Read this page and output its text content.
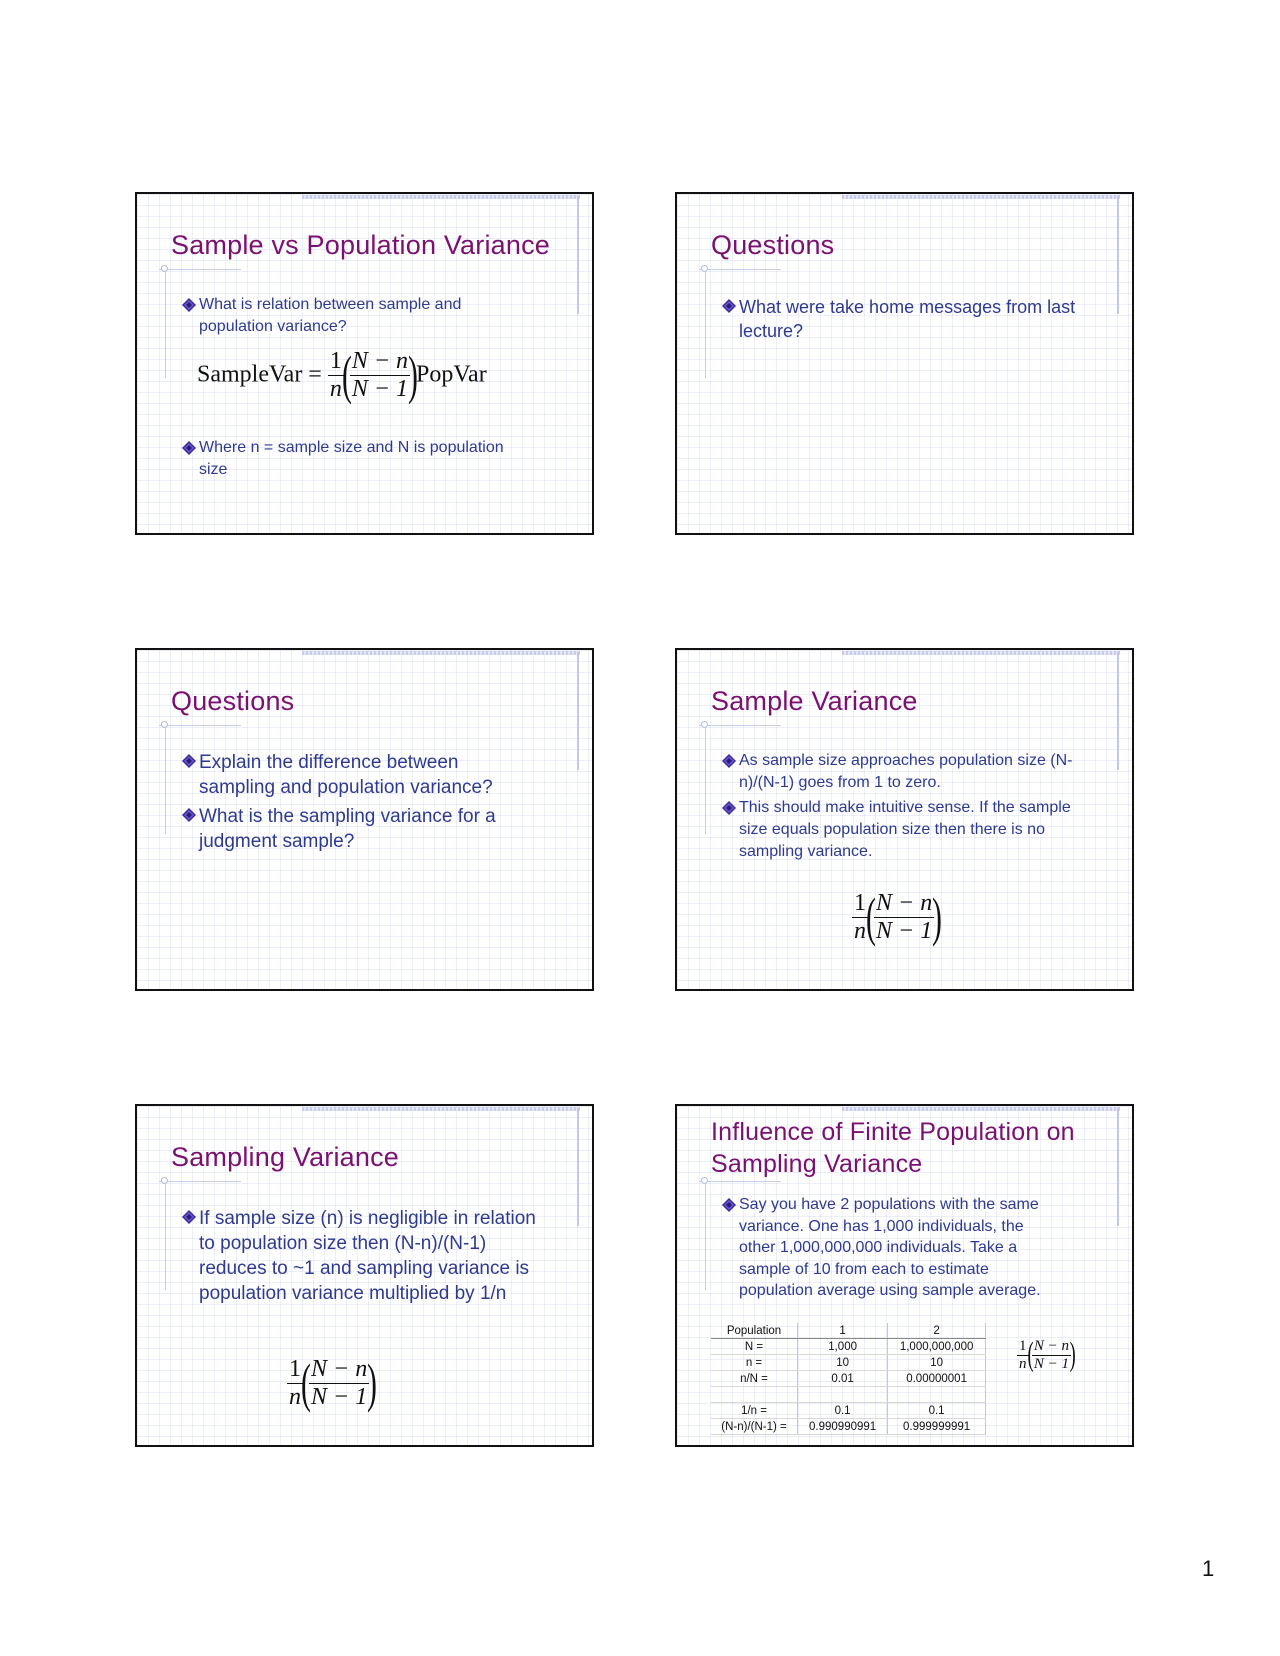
Sample vs Population Variance
What is relation between sample and population variance?
SampleVar = $\frac{1}{n}$
(
$\frac{N - n}{N - 1}$
)PopVar
Where n = sample size and N is population size
Questions
What were take home messages from last lecture?
Questions
Explain the difference between sampling and population variance?
What is the sampling variance for a judgment sample?
Sample Variance
As sample size approaches population size (N-n)/(N-1) goes from 1 to zero.
This should make intuitive sense. If the sample size equals population size then there is no sampling variance.
$\frac{1}{n}$
(
$\frac{N - n}{N - 1}$
)
Sampling Variance
If sample size (n) is negligible in relation to population size then (N-n)/(N-1) reduces to ~1 and sampling variance is population variance multiplied by 1/n
$\frac{1}{n}$
(
$\frac{N - n}{N - 1}$
)
Influence of Finite Population on Sampling Variance
Say you have 2 populations with the same variance. One has 1,000 individuals, the other 1,000,000,000 individuals. Take a sample of 10 from each to estimate population average using sample average.
Population	1	2
N =	1,000	1,000,000,000
n =	10	10
n/N =	0.01	0.00000001

1/n =	0.1	0.1
(N-n)/(N-1) =	0.990990991	0.999999991
$\frac{1}{n}$
(
$\frac{N - n}{N - 1}$
)
1
